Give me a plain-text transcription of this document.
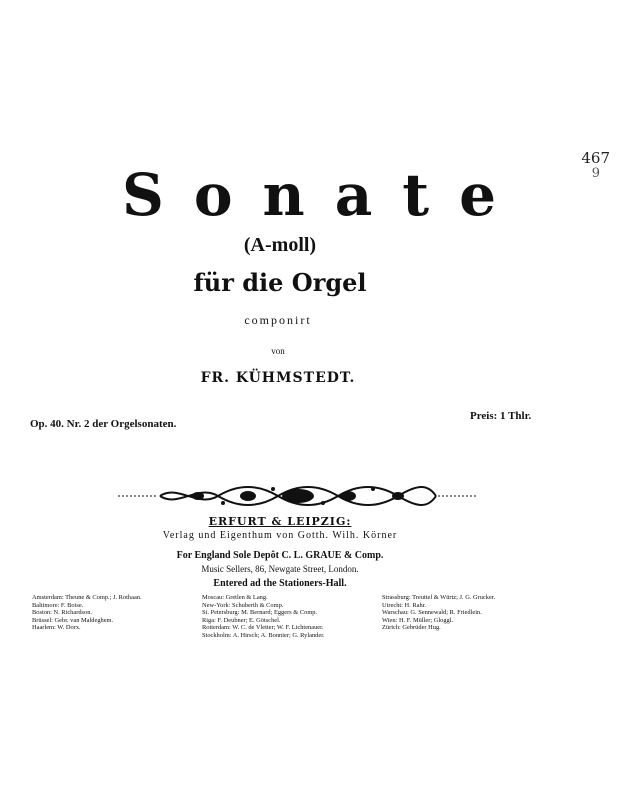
467
9
Sonate
(A-moll)
für die Orgel
componirt
von
FR. KÜHMSTEDT.
Op. 40. Nr. 2 der Orgelsonaten.
Preis: 1 Thlr.
ERFURT & LEIPZIG:
Verlag und Eigenthum von Gotth. Wilh. Körner
For England Sole Depôt C. L. GRAUE & Comp.
Music Sellers, 86, Newgate Street, London.
Entered ad the Stationers-Hall.
Amsterdam: Theune & Comp.; J. Rothaan.
Baltimore: F. Boise.
Boston: N. Richardson.
Brüssel: Gebr. van Maldeghem.
Haarlem: W. Dorx.
Moscau: Gretlen & Lang.
New-York: Schuberth & Comp.
St. Petersburg: M. Bernard; Eggers & Comp.
Riga: F. Deubner; E. Götschel.
Rotterdam: W. C. de Vletter; W. F. Lichtenauer.
Stockholm: A. Hirsch; A. Bonnier; G. Rylander.
Strassburg: Treuttel & Würtz; J. G. Grucker.
Utrecht: H. Rahr.
Warschau: G. Sennewald; R. Friedlein.
Wien: H. F. Müller; Gloggl.
Zürich: Gebrüder Hug.
